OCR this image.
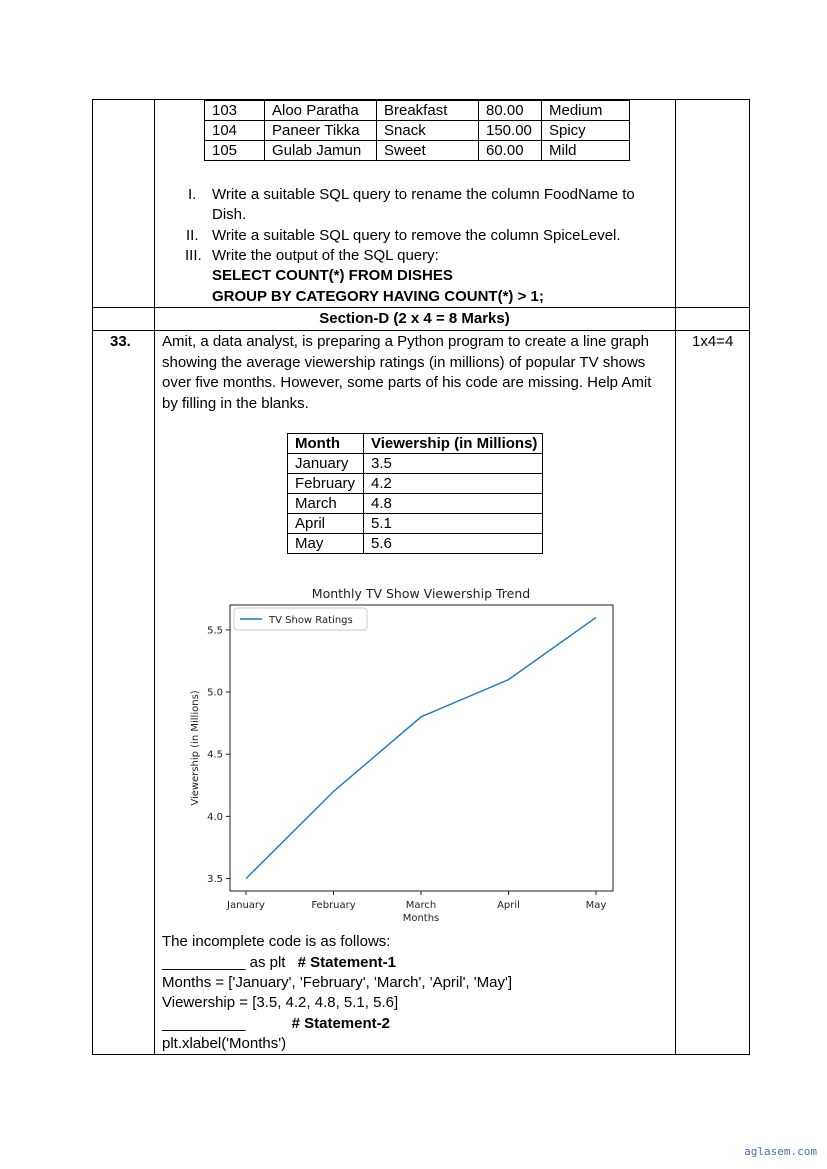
103	Aloo Paratha	Breakfast	80.00	Medium
104	Paneer Tikka	Snack	150.00	Spicy
105	Gulab Jamun	Sweet	60.00	Mild
I. Write a suitable SQL query to rename the column FoodName to
Dish.
II. Write a suitable SQL query to remove the column SpiceLevel.
III. Write the output of the SQL query:
SELECT COUNT(*) FROM DISHES
GROUP BY CATEGORY HAVING COUNT(*) > 1;
Section-D (2 x 4 = 8 Marks)
33.	1x4=4
Amit, a data analyst, is preparing a Python program to create a line graph
showing the average viewership ratings (in millions) of popular TV shows
over five months. However, some parts of his code are missing. Help Amit
by filling in the blanks.
Month	Viewership (in Millions)
January	3.5
February	4.2
March	4.8
April	5.1
May	5.6
Monthly TV Show Viewership Trend
January	February	March	April	May
3.5
4.0
4.5
5.0
5.5
Months
Viewership (in Millions)
TV Show Ratings
The incomplete code is as follows:
__________ as plt # Statement-1
Months = ['January', 'February', 'March', 'April', 'May']
Viewership = [3.5, 4.2, 4.8, 5.1, 5.6]
__________	# Statement-2
plt.xlabel('Months')
aglasem.com
